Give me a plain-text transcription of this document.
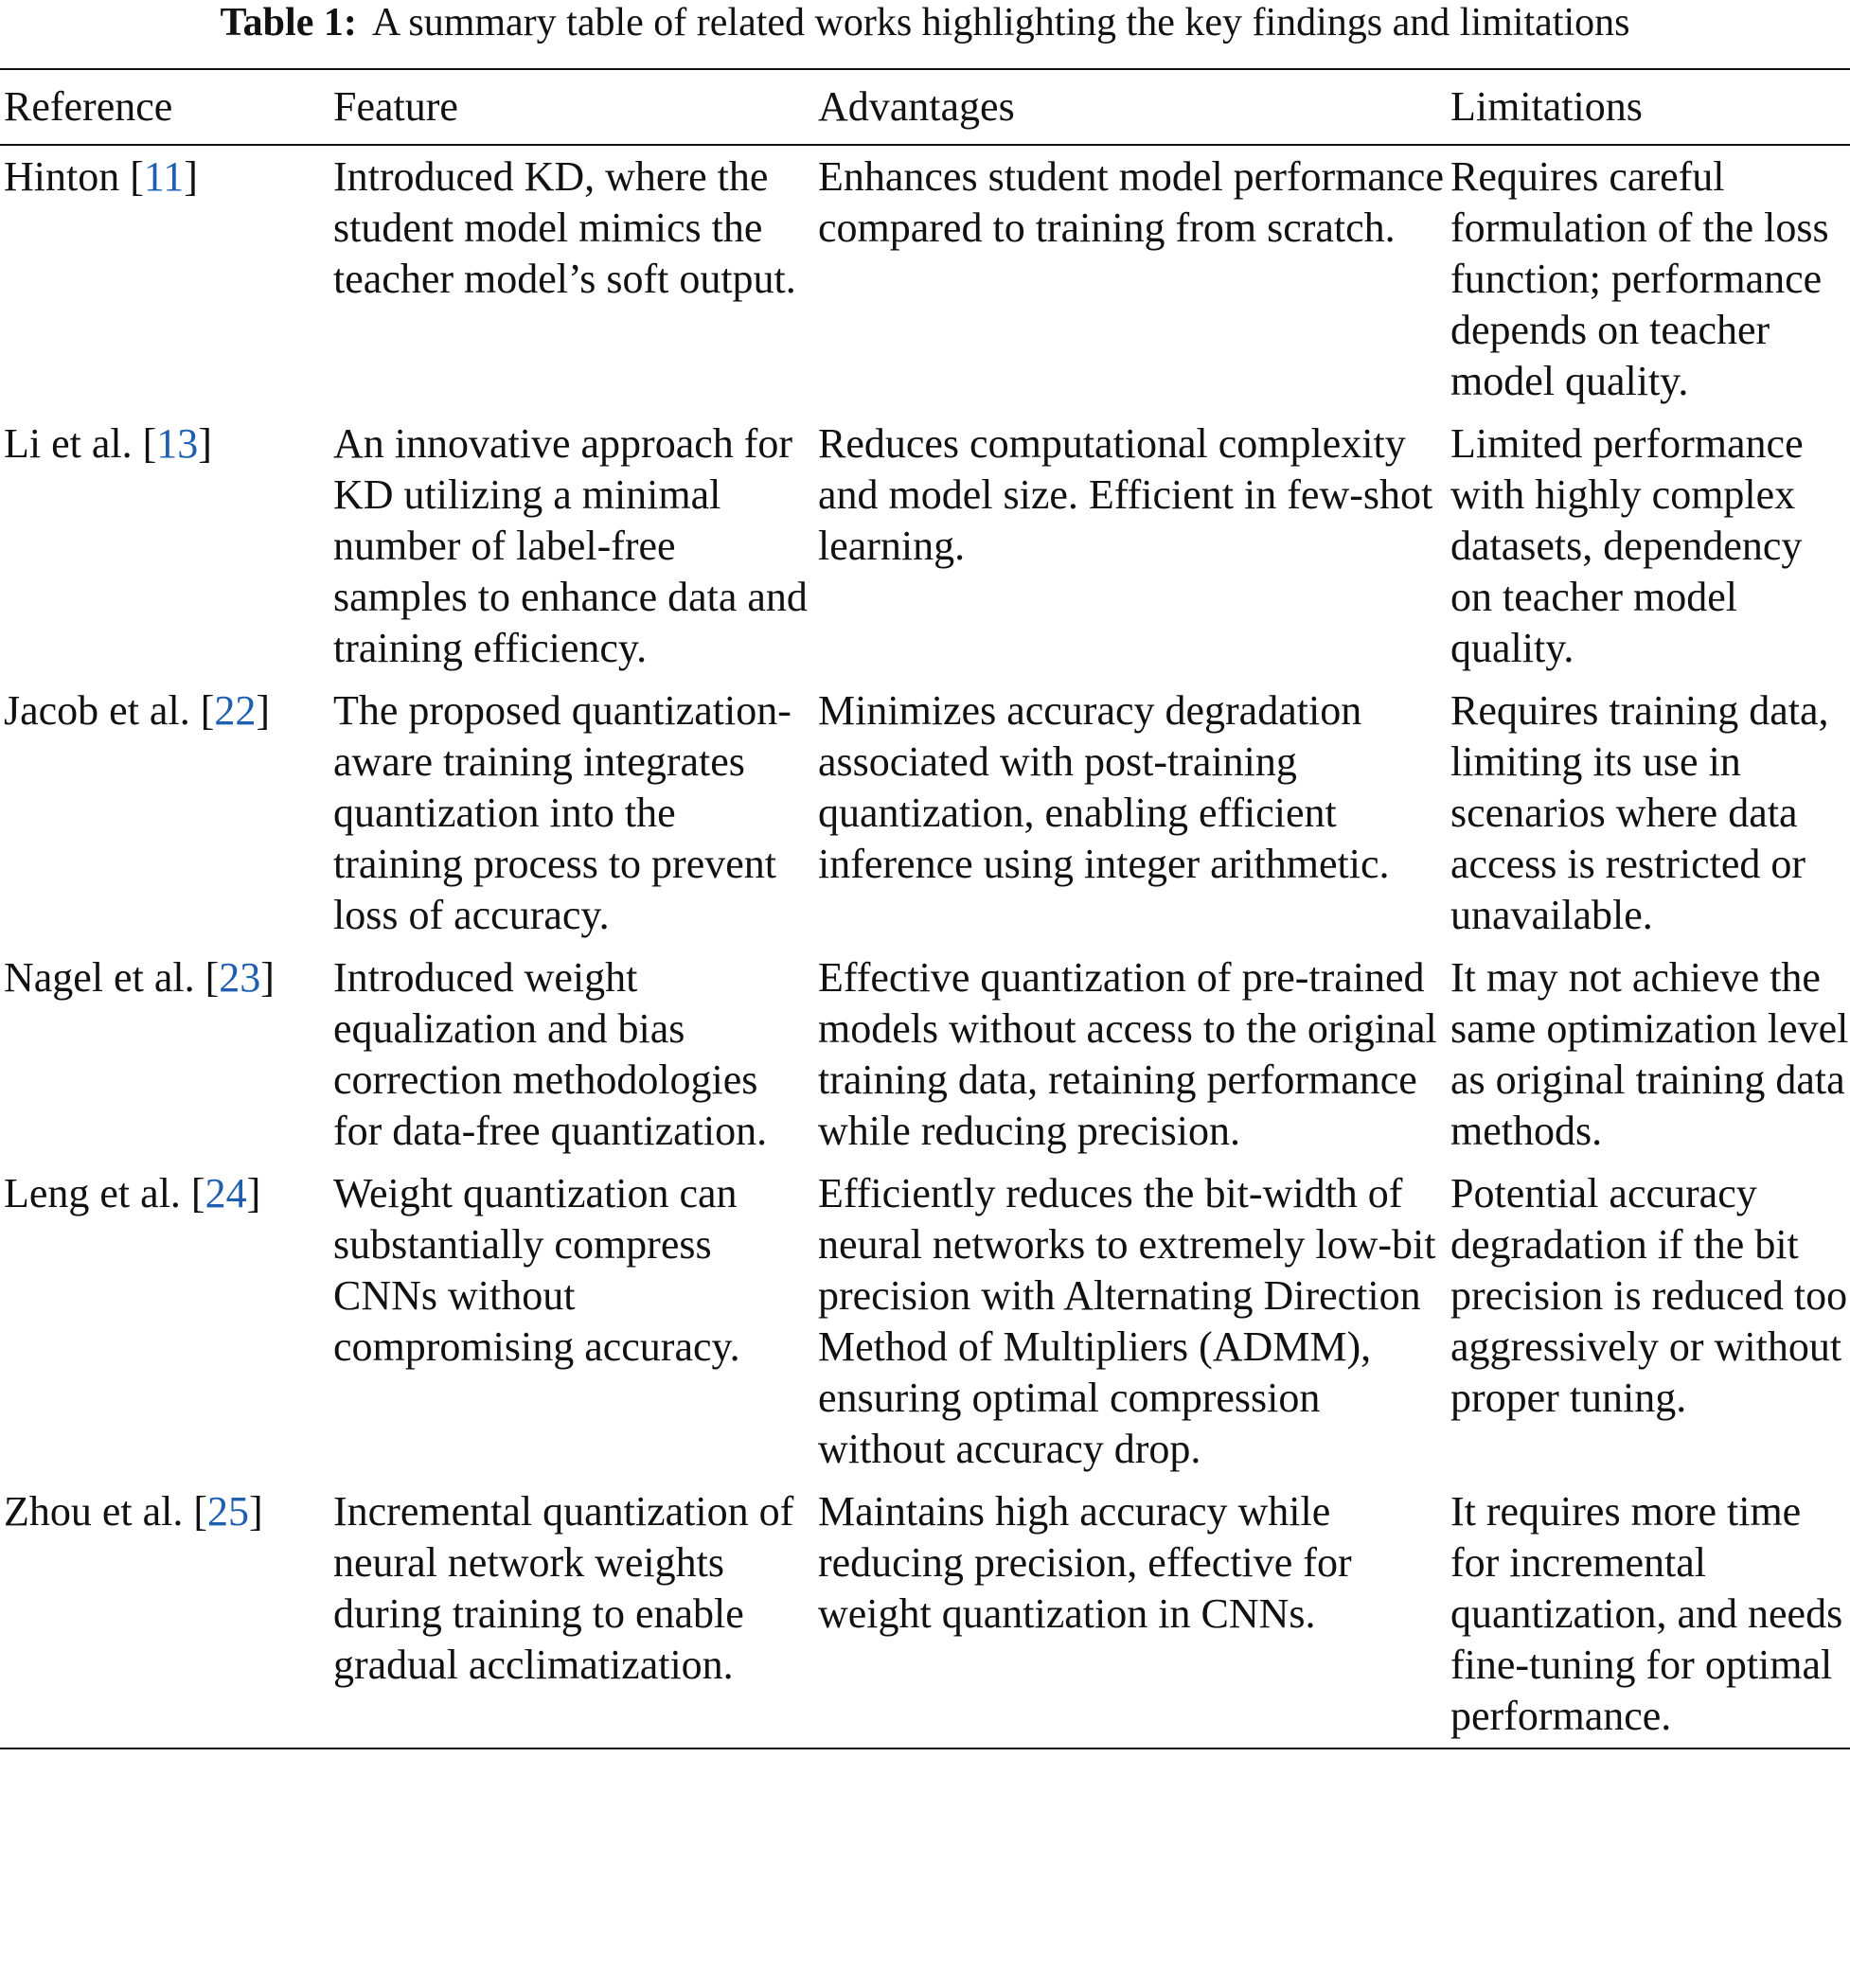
Table 1: A summary table of related works highlighting the key findings and limitations
Reference	Feature	Advantages	Limitations
Hinton [11]	Introduced KD, where the student model mimics the teacher model’s soft output.	Enhances student model performance compared to training from scratch.	Requires careful formulation of the loss function; performance depends on teacher model quality.
Li et al. [13]	An innovative approach for KD utilizing a minimal number of label-free samples to enhance data and training efficiency.	Reduces computational complexity and model size. Efficient in few-shot learning.	Limited performance with highly complex datasets, dependency on teacher model quality.
Jacob et al. [22]	The proposed quantization-aware training integrates quantization into the training process to prevent loss of accuracy.	Minimizes accuracy degradation associated with post-training quantization, enabling efficient inference using integer arithmetic.	Requires training data, limiting its use in scenarios where data access is restricted or unavailable.
Nagel et al. [23]	Introduced weight equalization and bias correction methodologies for data-free quantization.	Effective quantization of pre-trained models without access to the original training data, retaining performance while reducing precision.	It may not achieve the same optimization level as original training data methods.
Leng et al. [24]	Weight quantization can substantially compress CNNs without compromising accuracy.	Efficiently reduces the bit-width of neural networks to extremely low-bit precision with Alternating Direction Method of Multipliers (ADMM), ensuring optimal compression without accuracy drop.	Potential accuracy degradation if the bit precision is reduced too aggressively or without proper tuning.
Zhou et al. [25]	Incremental quantization of neural network weights during training to enable gradual acclimatization.	Maintains high accuracy while reducing precision, effective for weight quantization in CNNs.	It requires more time for incremental quantization, and needs fine-tuning for optimal performance.
